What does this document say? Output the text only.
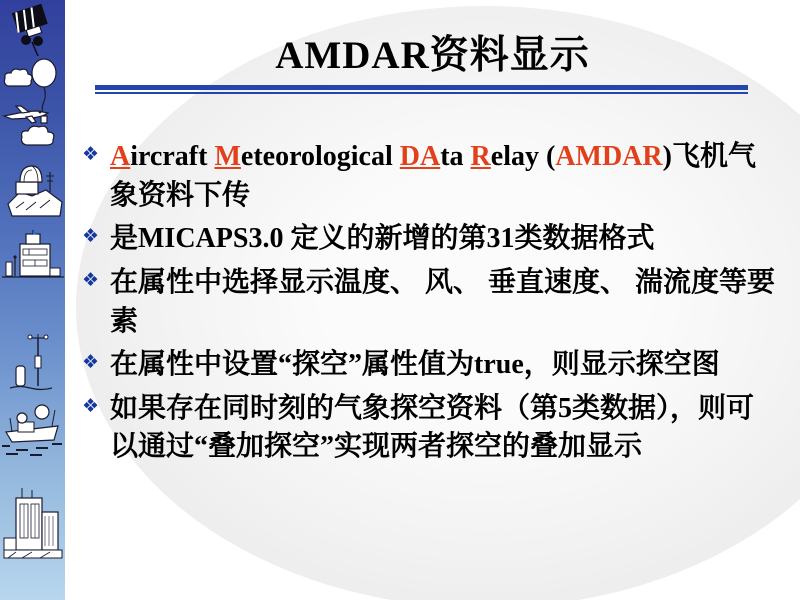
AMDAR资料显示
❖ Aircraft Meteorological DAta Relay (AMDAR)飞机气象资料下传
❖ 是MICAPS3.0 定义的新增的第31类数据格式
❖ 在属性中选择显示温度、 风、 垂直速度、 湍流度等要素
❖ 在属性中设置“探空”属性值为true，则显示探空图
❖ 如果存在同时刻的气象探空资料（第5类数据），则可以通过“叠加探空”实现两者探空的叠加显示
